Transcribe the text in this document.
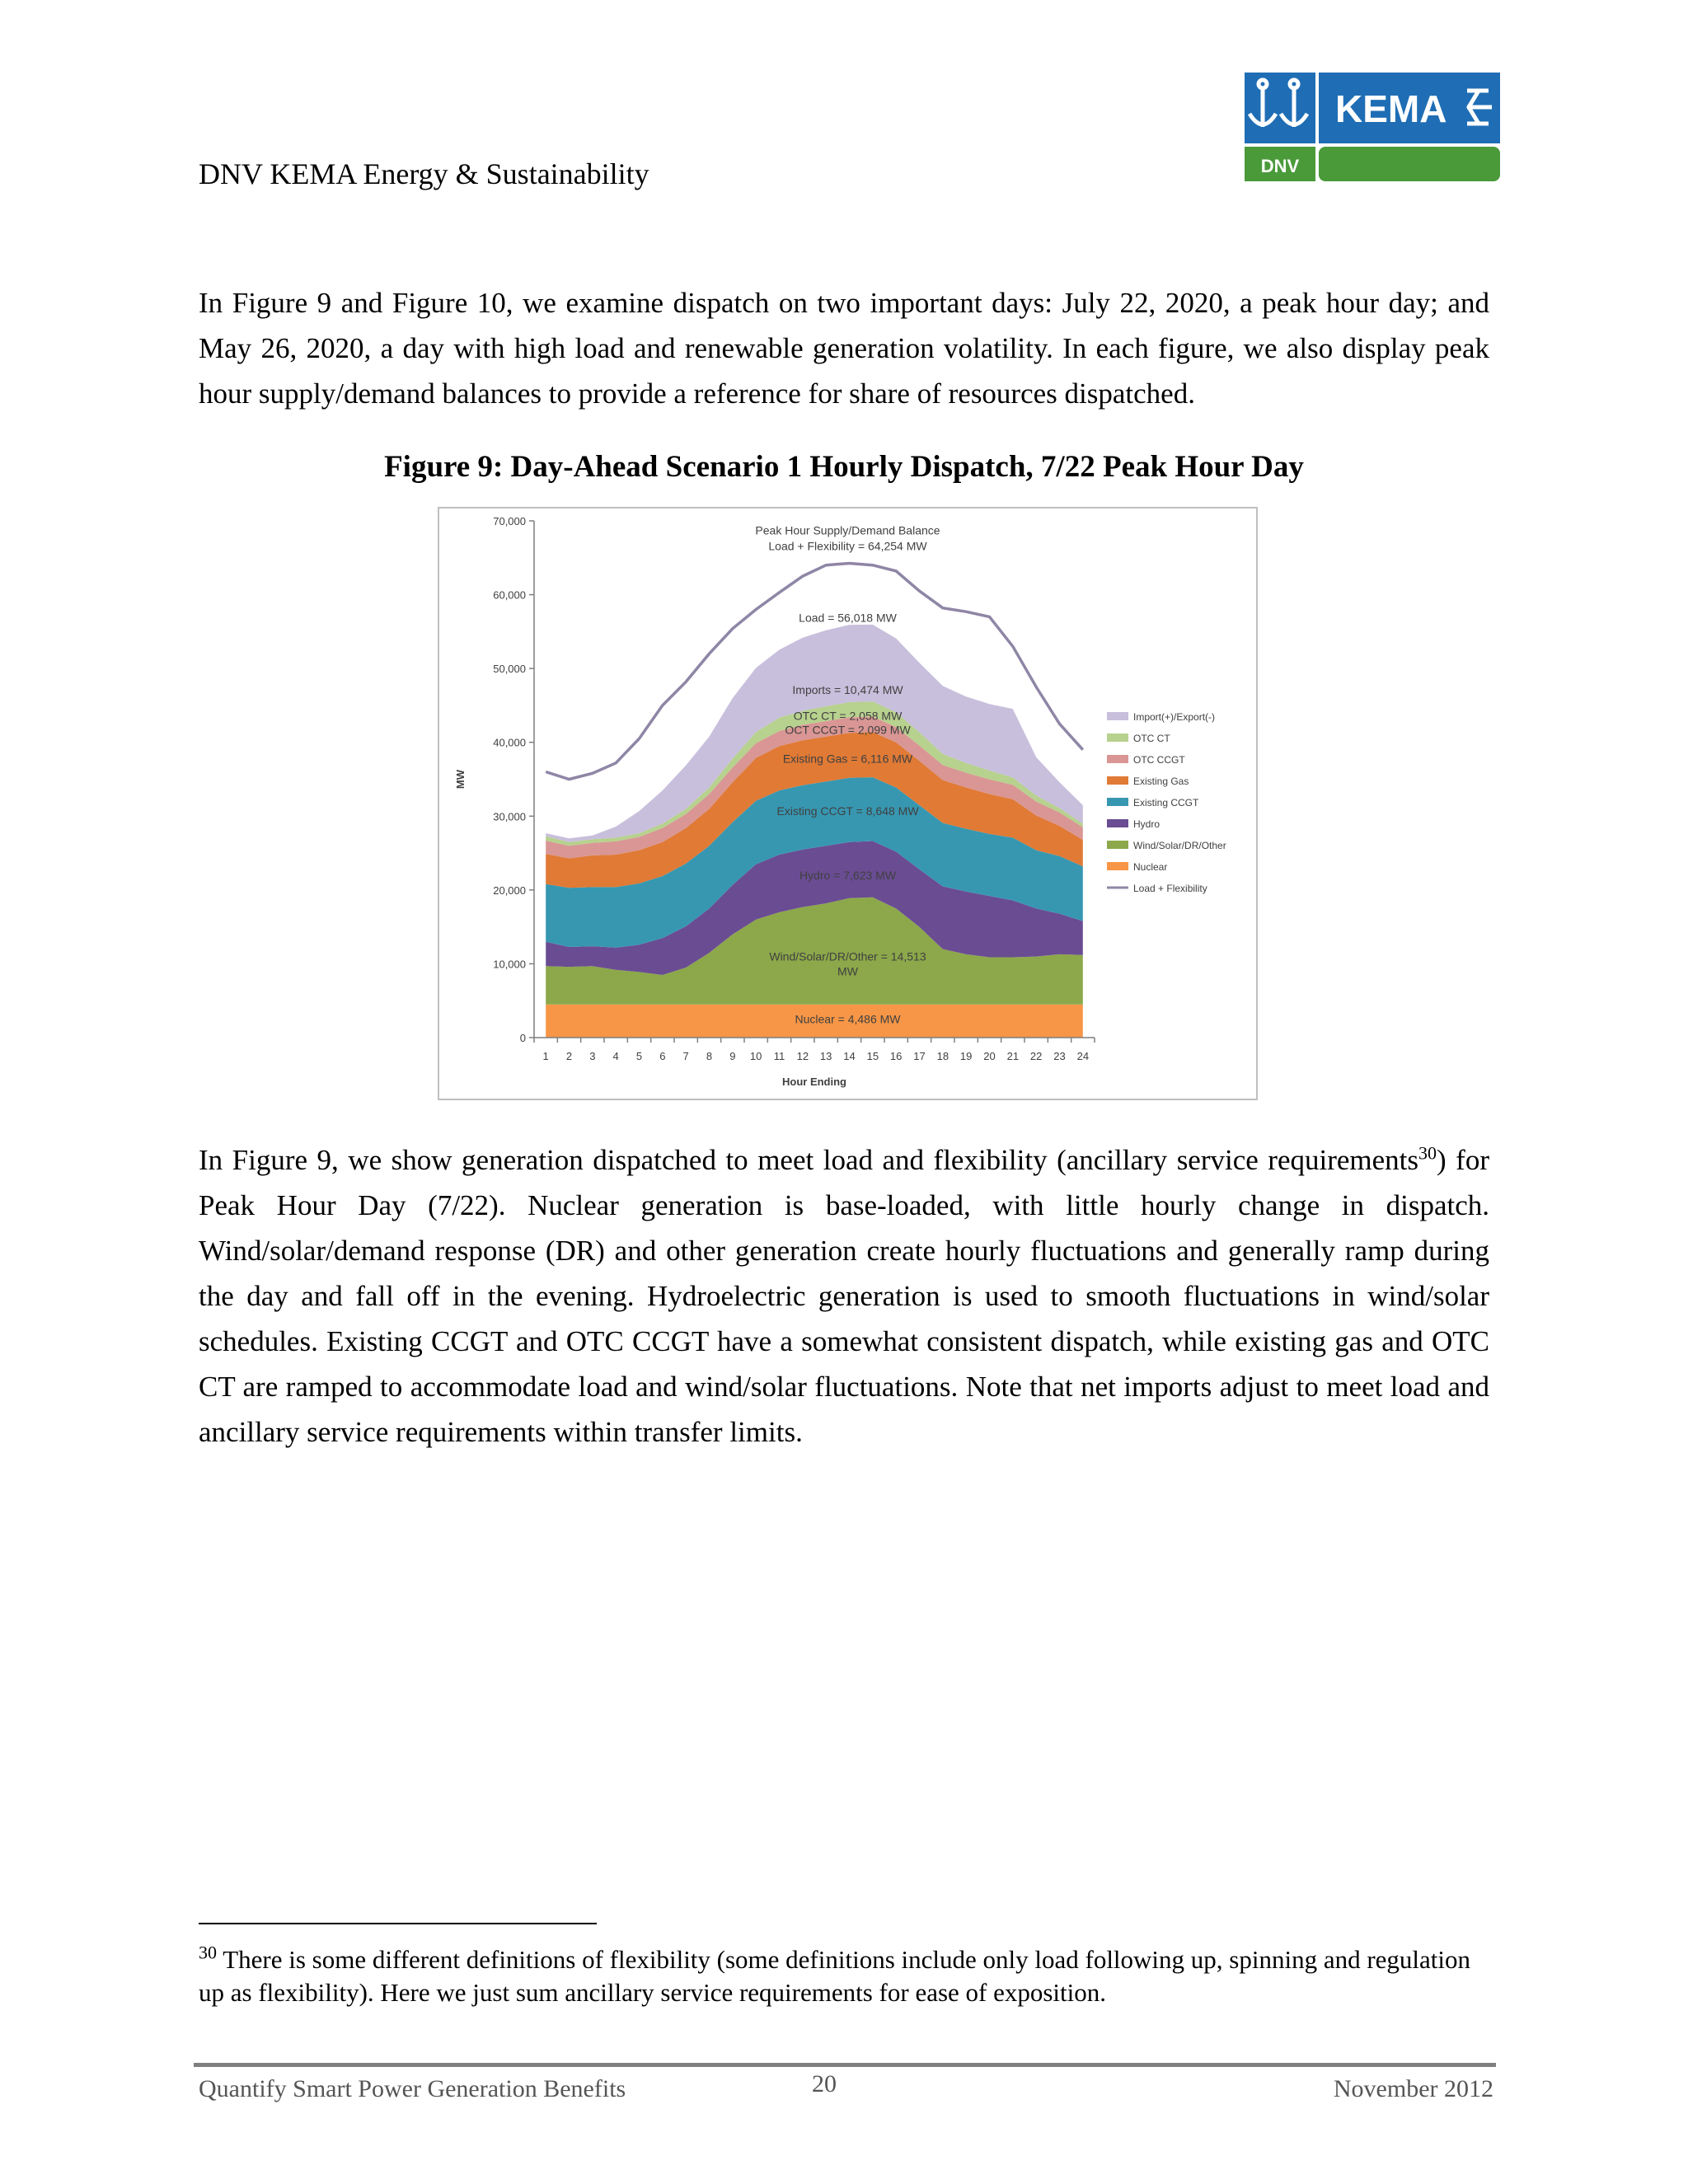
DNV KEMA Energy & Sustainability
KEMA
DNV

In Figure 9 and Figure 10, we examine dispatch on two important days: July 22, 2020, a peak hour day; and May 26, 2020, a day with high load and renewable generation volatility. In each figure, we also display peak hour supply/demand balances to provide a reference for share of resources dispatched.

Figure 9: Day-Ahead Scenario 1 Hourly Dispatch, 7/22 Peak Hour Day
0
10,000
20,000
30,000
40,000
50,000
60,000
70,000
1 2 3 4 5 6 7 8 9 10 11 12 13 14 15 16 17 18 19 20 21 22 23 24
Hour Ending
MW
Peak Hour Supply/Demand Balance
Load + Flexibility = 64,254 MW
Load = 56,018 MW
Imports = 10,474 MW
OTC CT = 2,058 MW
OCT CCGT = 2,099 MW
Existing Gas = 6,116 MW
Existing CCGT = 8,648 MW
Hydro = 7,623 MW
Wind/Solar/DR/Other = 14,513
MW
Nuclear = 4,486 MW
Import(+)/Export(-)
OTC CT
OTC CCGT
Existing Gas
Existing CCGT
Hydro
Wind/Solar/DR/Other
Nuclear
Load + Flexibility

In Figure 9, we show generation dispatched to meet load and flexibility (ancillary service requirements$^{30}$) for Peak Hour Day (7/22). Nuclear generation is base-loaded, with little hourly change in dispatch. Wind/solar/demand response (DR) and other generation create hourly fluctuations and generally ramp during the day and fall off in the evening. Hydroelectric generation is used to smooth fluctuations in wind/solar schedules. Existing CCGT and OTC CCGT have a somewhat consistent dispatch, while existing gas and OTC CT are ramped to accommodate load and wind/solar fluctuations. Note that net imports adjust to meet load and ancillary service requirements within transfer limits.

$^{30}$ There is some different definitions of flexibility (some definitions include only load following up, spinning and regulation up as flexibility). Here we just sum ancillary service requirements for ease of exposition.

Quantify Smart Power Generation Benefits	20	November 2012
